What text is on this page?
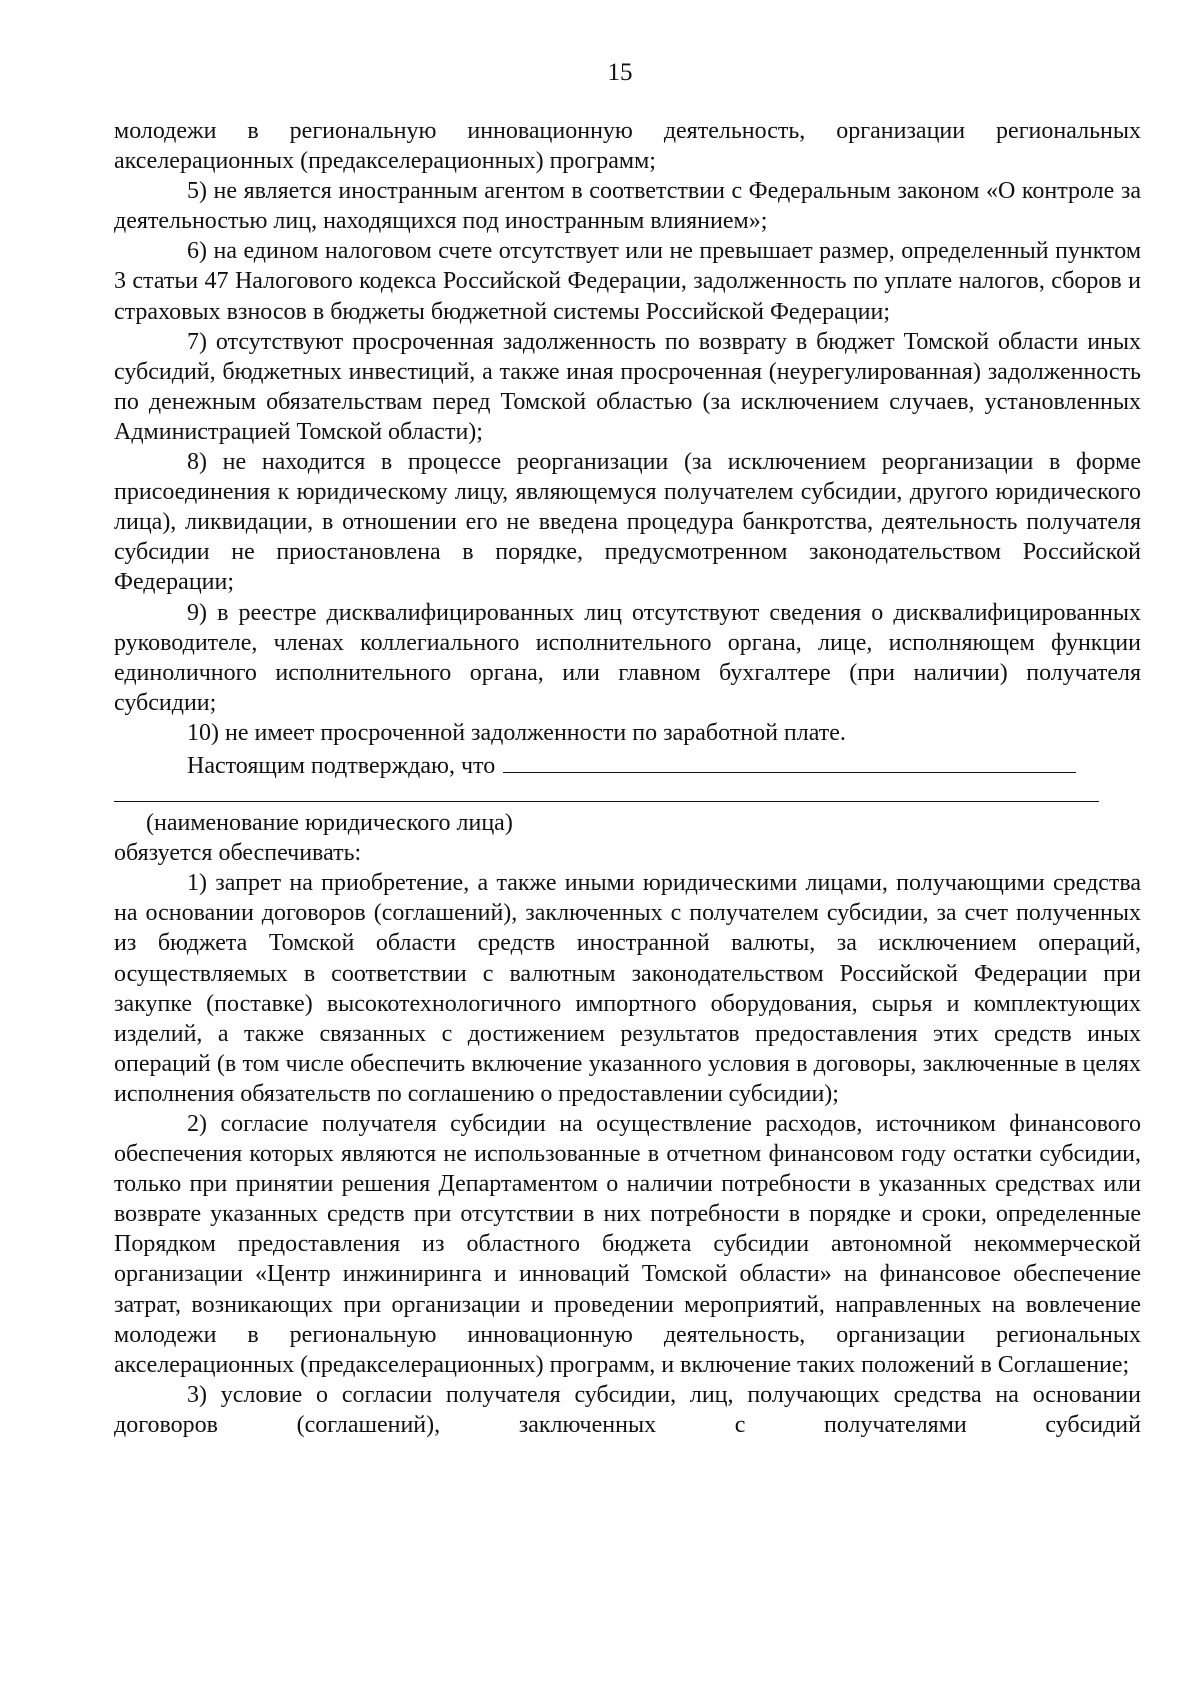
15

молодежи в региональную инновационную деятельность, организации региональных акселерационных (предакселерационных) программ;

5) не является иностранным агентом в соответствии с Федеральным законом «О контроле за деятельностью лиц, находящихся под иностранным влиянием»;

6) на едином налоговом счете отсутствует или не превышает размер, определенный пунктом 3 статьи 47 Налогового кодекса Российской Федерации, задолженность по уплате налогов, сборов и страховых взносов в бюджеты бюджетной системы Российской Федерации;

7) отсутствуют просроченная задолженность по возврату в бюджет Томской области иных субсидий, бюджетных инвестиций, а также иная просроченная (неурегулированная) задолженность по денежным обязательствам перед Томской областью (за исключением случаев, установленных Администрацией Томской области);

8) не находится в процессе реорганизации (за исключением реорганизации в форме присоединения к юридическому лицу, являющемуся получателем субсидии, другого юридического лица), ликвидации, в отношении его не введена процедура банкротства, деятельность получателя субсидии не приостановлена в порядке, предусмотренном законодательством Российской Федерации;

9) в реестре дисквалифицированных лиц отсутствуют сведения о дисквалифицированных руководителе, членах коллегиального исполнительного органа, лице, исполняющем функции единоличного исполнительного органа, или главном бухгалтере (при наличии) получателя субсидии;

10) не имеет просроченной задолженности по заработной плате.

Настоящим подтверждаю, что

(наименование юридического лица)

обязуется обеспечивать:

1) запрет на приобретение, а также иными юридическими лицами, получающими средства на основании договоров (соглашений), заключенных с получателем субсидии, за счет полученных из бюджета Томской области средств иностранной валюты, за исключением операций, осуществляемых в соответствии с валютным законодательством Российской Федерации при закупке (поставке) высокотехнологичного импортного оборудования, сырья и комплектующих изделий, а также связанных с достижением результатов предоставления этих средств иных операций (в том числе обеспечить включение указанного условия в договоры, заключенные в целях исполнения обязательств по соглашению о предоставлении субсидии);

2) согласие получателя субсидии на осуществление расходов, источником финансового обеспечения которых являются не использованные в отчетном финансовом году остатки субсидии, только при принятии решения Департаментом о наличии потребности в указанных средствах или возврате указанных средств при отсутствии в них потребности в порядке и сроки, определенные Порядком предоставления из областного бюджета субсидии автономной некоммерческой организации «Центр инжиниринга и инноваций Томской области» на финансовое обеспечение затрат, возникающих при организации и проведении мероприятий, направленных на вовлечение молодежи в региональную инновационную деятельность, организации региональных акселерационных (предакселерационных) программ, и включение таких положений в Соглашение;

3) условие о согласии получателя субсидии, лиц, получающих средства на основании договоров (соглашений), заключенных с получателями субсидий
